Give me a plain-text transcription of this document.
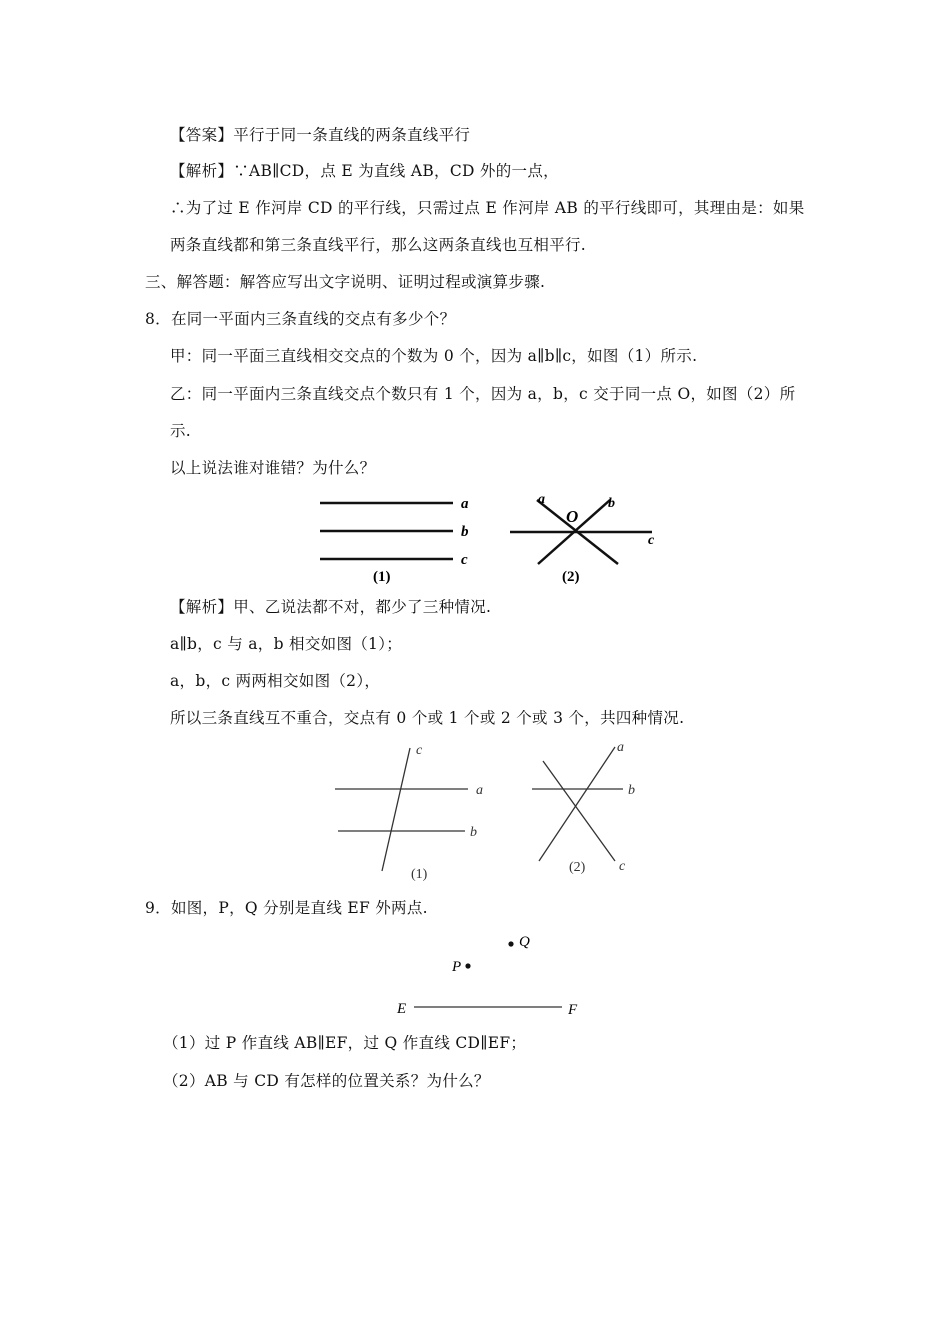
【答案】平行于同一条直线的两条直线平行
【解析】∵AB∥CD，点 E 为直线 AB，CD 外的一点，
∴为了过 E 作河岸 CD 的平行线，只需过点 E 作河岸 AB 的平行线即可，其理由是：如果
两条直线都和第三条直线平行，那么这两条直线也互相平行.
三、解答题：解答应写出文字说明、证明过程或演算步骤.
8．在同一平面内三条直线的交点有多少个？
甲：同一平面三直线相交交点的个数为 0 个，因为 a∥b∥c，如图（1）所示.
乙：同一平面内三条直线交点个数只有 1 个，因为 a，b，c 交于同一点 O，如图（2）所
示.
以上说法谁对谁错？为什么？
a
b
c
(1)
a	b
c
O
(2)
【解析】甲、乙说法都不对，都少了三种情况.
a∥b，c 与 a，b 相交如图（1）；
a，b，c 两两相交如图（2），
所以三条直线互不重合，交点有 0 个或 1 个或 2 个或 3 个，共四种情况.
c
a
b
(1)
a
b
c
(2)
9．如图，P，Q 分别是直线 EF 外两点.
Q
P
E	F
（1）过 P 作直线 AB∥EF，过 Q 作直线 CD∥EF；
（2）AB 与 CD 有怎样的位置关系？为什么？
